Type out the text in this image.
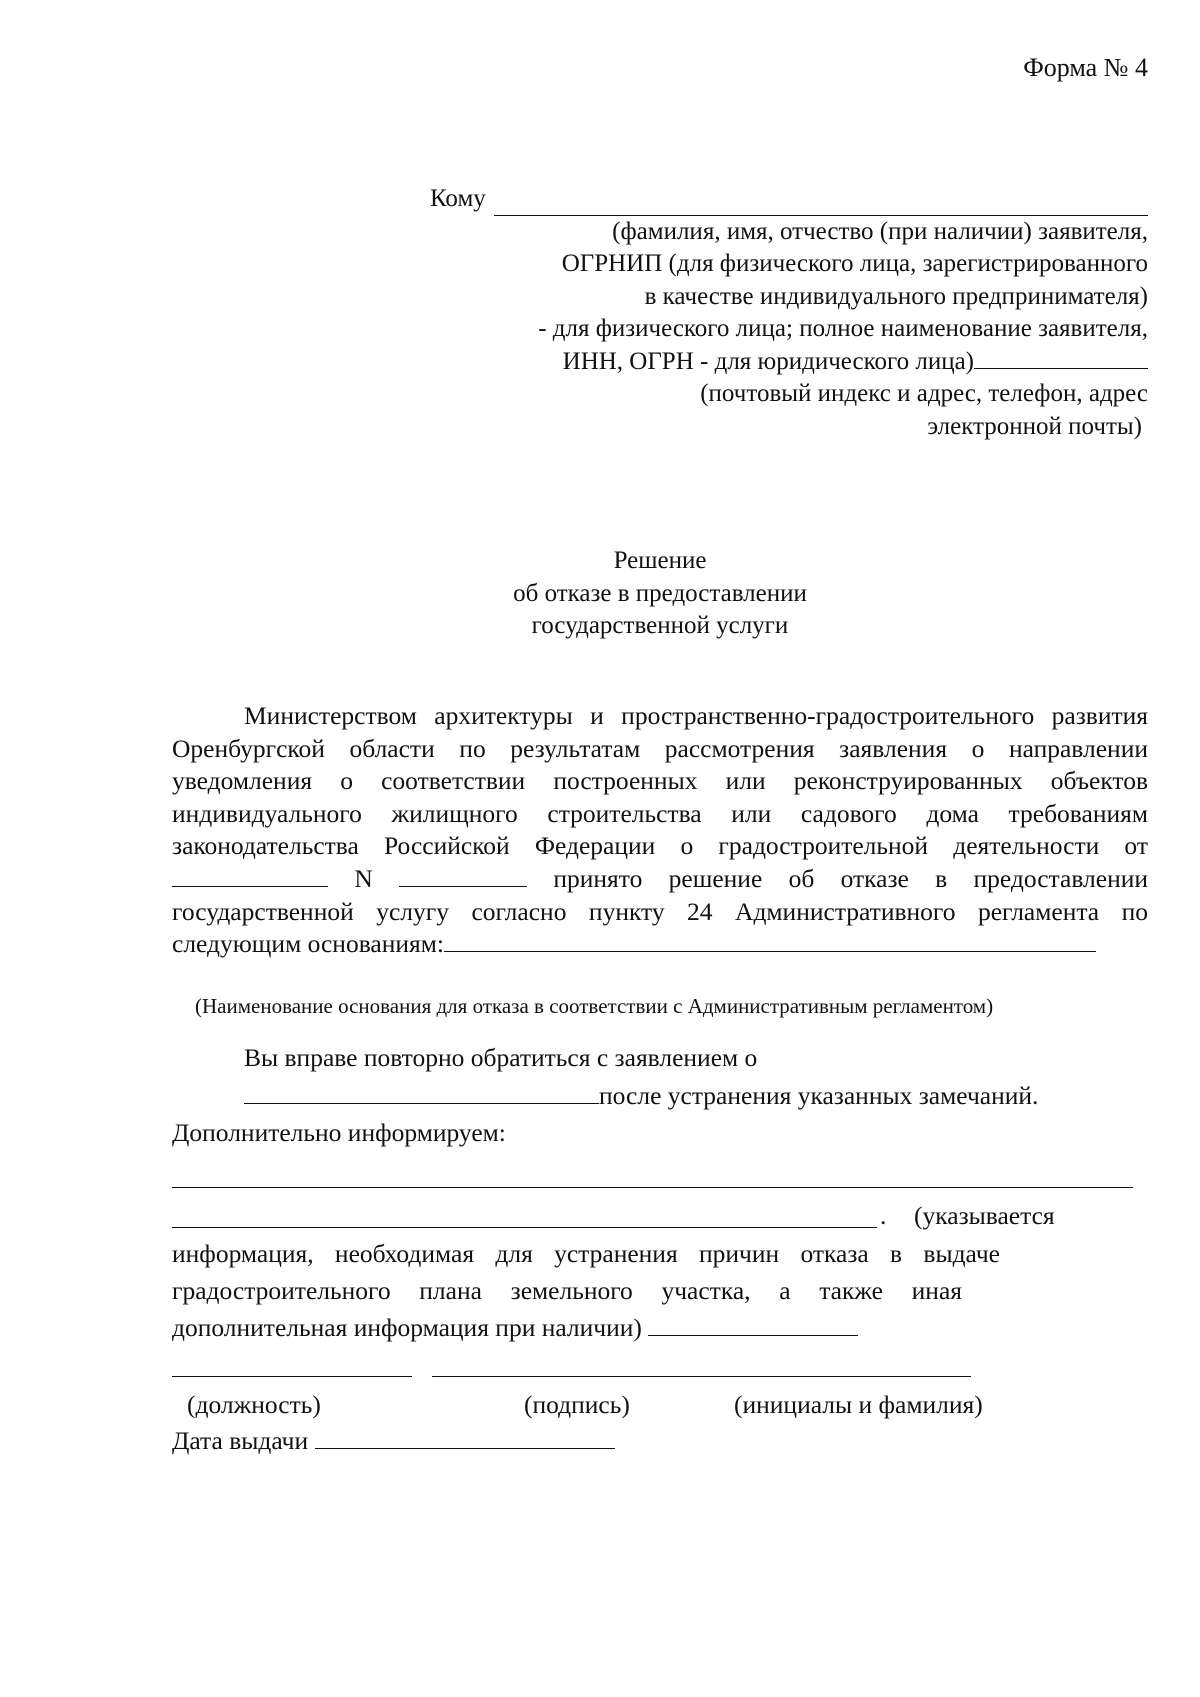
Форма № 4
Кому
(фамилия, имя, отчество (при наличии) заявителя,
ОГРНИП (для физического лица, зарегистрированного
в качестве индивидуального предпринимателя)
- для физического лица; полное наименование заявителя,
ИНН, ОГРН - для юридического лица)
(почтовый индекс и адрес, телефон, адрес
электронной почты)
Решение
об отказе в предоставлении
государственной услуги
Министерством архитектуры и пространственно-градостроительного развития Оренбургской области по результатам рассмотрения заявления о направлении уведомления о соответствии построенных или реконструированных объектов индивидуального жилищного строительства или садового дома требованиям законодательства Российской Федерации о градостроительной деятельности от  N	принято решение об отказе в предоставлении государственной услугу согласно пункту 24 Административного регламента по следующим основаниям:
(Наименование основания для отказа в соответствии с Административным регламентом)
Вы вправе повторно обратиться с заявлением о
после устранения указанных замечаний.
Дополнительно информируем:
. (указывается
информация, необходимая для устранения причин отказа в выдаче
градостроительного плана земельного участка, а также иная
дополнительная информация при наличии)
(должность)	(подпись)	(инициалы и фамилия)
Дата выдачи
